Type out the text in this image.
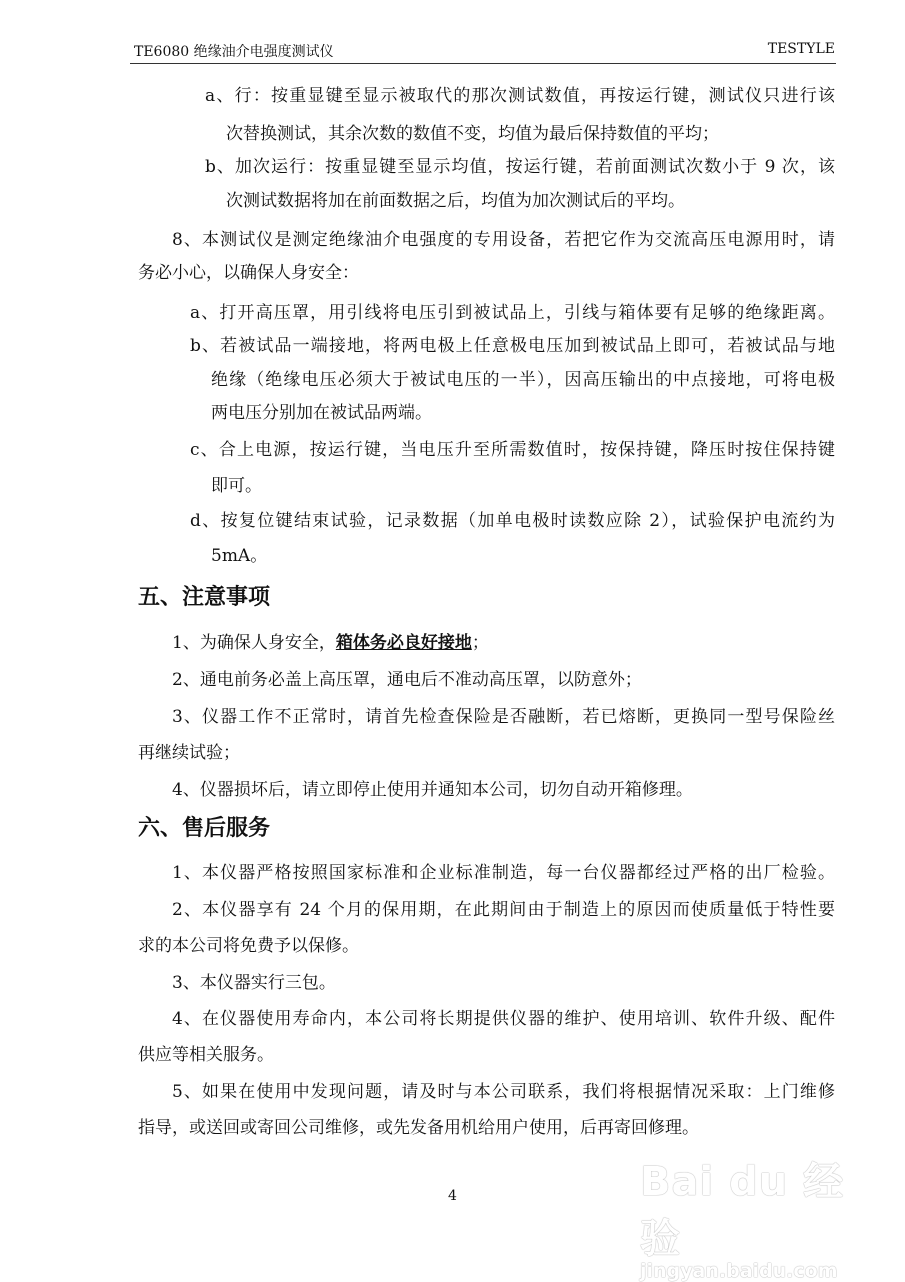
TE6080 绝缘油介电强度测试仪	TESTYLE
a、行：按重显键至显示被取代的那次测试数值，再按运行键，测试仪只进行该
次替换测试，其余次数的数值不变，均值为最后保持数值的平均；
b、加次运行：按重显键至显示均值，按运行键，若前面测试次数小于 9 次，该
次测试数据将加在前面数据之后，均值为加次测试后的平均。
8、本测试仪是测定绝缘油介电强度的专用设备，若把它作为交流高压电源用时，请
务必小心，以确保人身安全：
a、打开高压罩，用引线将电压引到被试品上，引线与箱体要有足够的绝缘距离。
b、若被试品一端接地，将两电极上任意极电压加到被试品上即可，若被试品与地
绝缘（绝缘电压必须大于被试电压的一半），因高压输出的中点接地，可将电极
两电压分别加在被试品两端。
c、合上电源，按运行键，当电压升至所需数值时，按保持键，降压时按住保持键
即可。
d、按复位键结束试验，记录数据（加单电极时读数应除 2），试验保护电流约为
5mA。
五、注意事项
1、为确保人身安全，箱体务必良好接地；
2、通电前务必盖上高压罩，通电后不准动高压罩，以防意外；
3、仪器工作不正常时，请首先检查保险是否融断，若已熔断，更换同一型号保险丝
再继续试验；
4、仪器损坏后，请立即停止使用并通知本公司，切勿自动开箱修理。
六、售后服务
1、本仪器严格按照国家标准和企业标准制造，每一台仪器都经过严格的出厂检验。
2、本仪器享有 24 个月的保用期，在此期间由于制造上的原因而使质量低于特性要
求的本公司将免费予以保修。
3、本仪器实行三包。
4、在仪器使用寿命内，本公司将长期提供仪器的维护、使用培训、软件升级、配件
供应等相关服务。
5、如果在使用中发现问题，请及时与本公司联系，我们将根据情况采取：上门维修
指导，或送回或寄回公司维修，或先发备用机给用户使用，后再寄回修理。
4	Bai du 经验
jingyan.baidu.com
